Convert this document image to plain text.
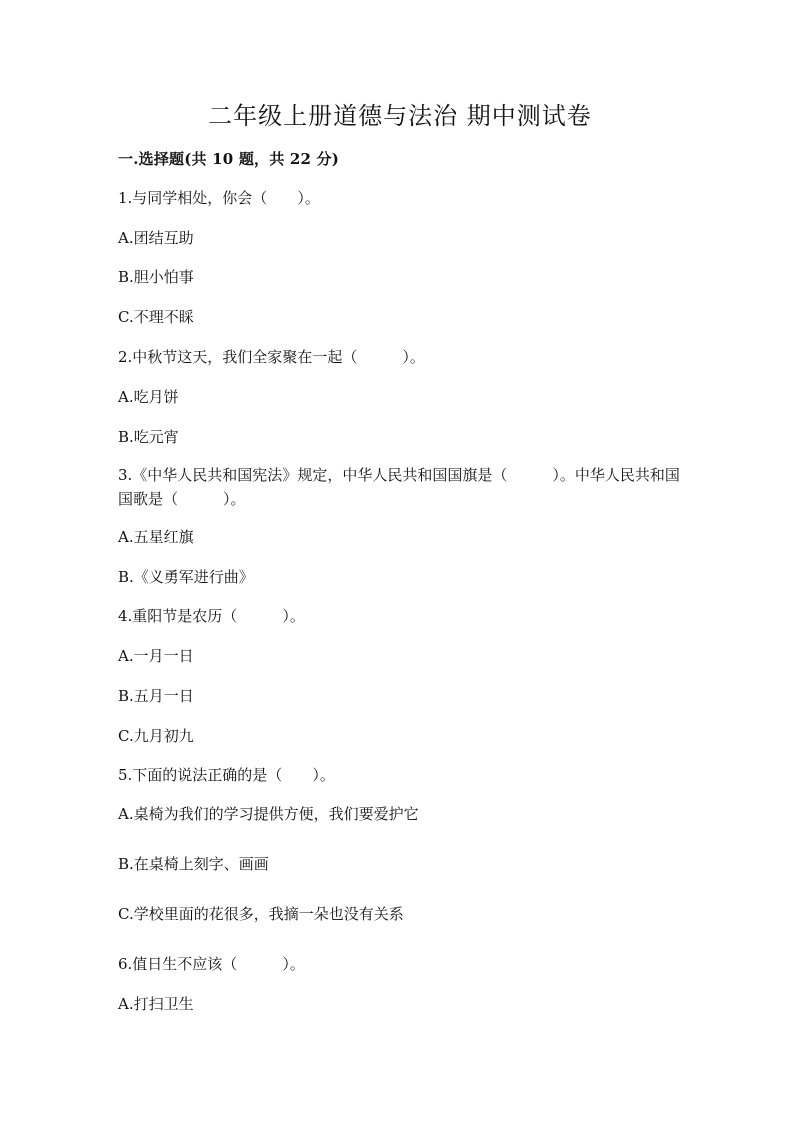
二年级上册道德与法治 期中测试卷
一.选择题(共 10 题，共 22 分)
1.与同学相处，你会（　　）。
A.团结互助
B.胆小怕事
C.不理不睬
2.中秋节这天，我们全家聚在一起（　　　）。
A.吃月饼
B.吃元宵
3.《中华人民共和国宪法》规定，中华人民共和国国旗是（　　　）。中华人民共和国国歌是（　　　）。
A.五星红旗
B.《义勇军进行曲》
4.重阳节是农历（　　　）。
A.一月一日
B.五月一日
C.九月初九
5.下面的说法正确的是（　　）。
A.桌椅为我们的学习提供方便，我们要爱护它
B.在桌椅上刻字、画画
C.学校里面的花很多，我摘一朵也没有关系
6.值日生不应该（　　　）。
A.打扫卫生
